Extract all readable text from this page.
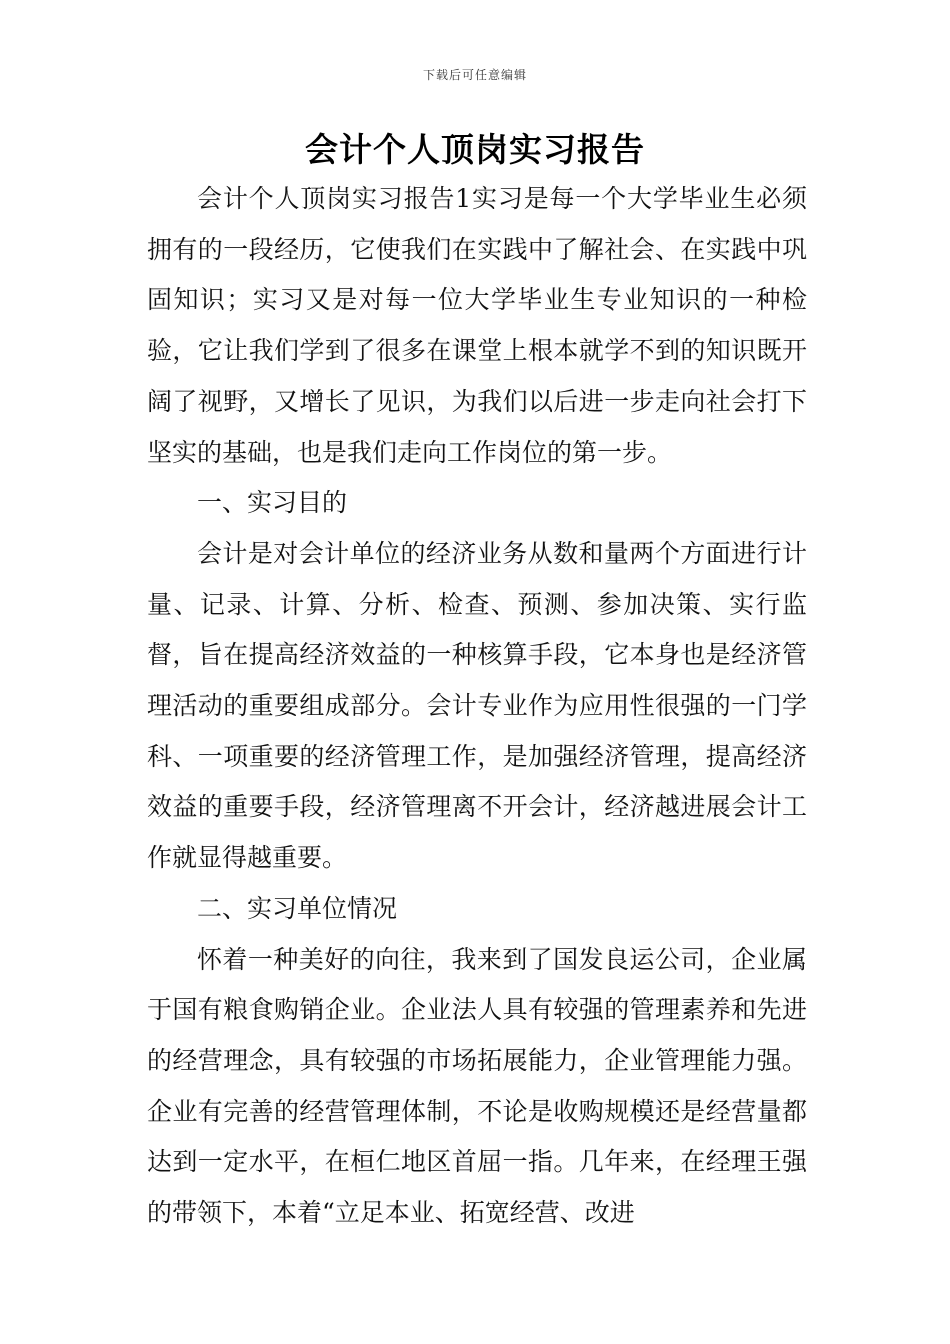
下载后可任意编辑
会计个人顶岗实习报告

会计个人顶岗实习报告1实习是每一个大学毕业生必须拥有的一段经历，它使我们在实践中了解社会、在实践中巩固知识；实习又是对每一位大学毕业生专业知识的一种检验，它让我们学到了很多在课堂上根本就学不到的知识既开阔了视野，又增长了见识，为我们以后进一步走向社会打下坚实的基础，也是我们走向工作岗位的第一步。

一、实习目的

会计是对会计单位的经济业务从数和量两个方面进行计量、记录、计算、分析、检查、预测、参加决策、实行监督，旨在提高经济效益的一种核算手段，它本身也是经济管理活动的重要组成部分。会计专业作为应用性很强的一门学科、一项重要的经济管理工作，是加强经济管理，提高经济效益的重要手段，经济管理离不开会计，经济越进展会计工作就显得越重要。

二、实习单位情况

怀着一种美好的向往，我来到了国发良运公司，企业属于国有粮食购销企业。企业法人具有较强的管理素养和先进的经营理念，具有较强的市场拓展能力，企业管理能力强。企业有完善的经营管理体制，不论是收购规模还是经营量都达到一定水平，在桓仁地区首屈一指。几年来，在经理王强的带领下，本着“立足本业、拓宽经营、改进
